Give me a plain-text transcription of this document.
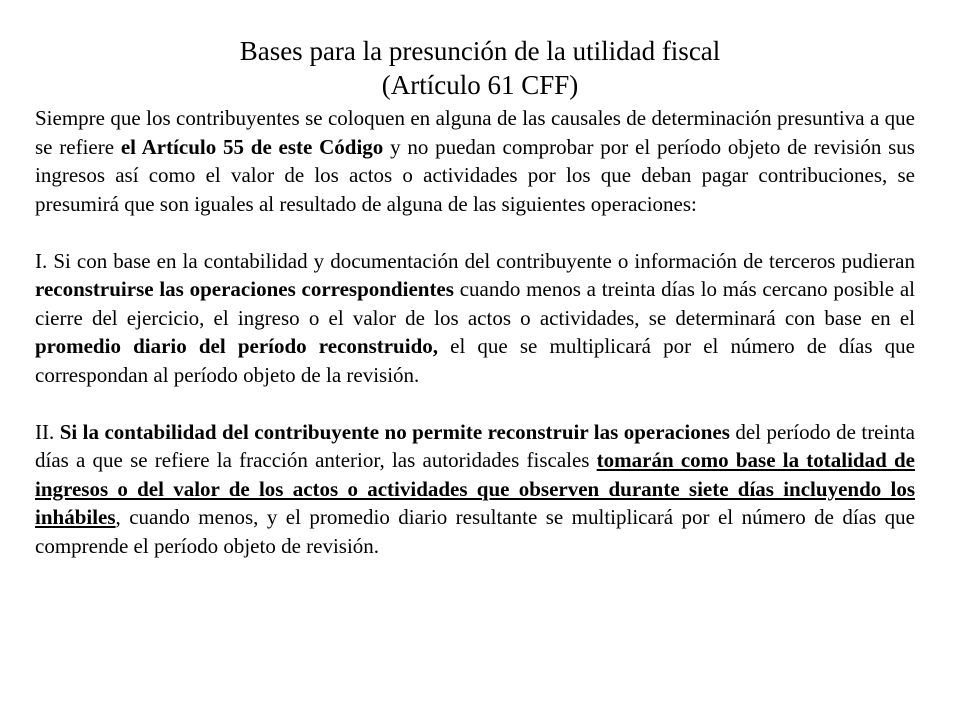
Bases para la presunción de la utilidad fiscal
(Artículo 61 CFF)

Siempre que los contribuyentes se coloquen en alguna de las causales de determinación presuntiva a que se refiere el Artículo 55 de este Código y no puedan comprobar por el período objeto de revisión sus ingresos así como el valor de los actos o actividades por los que deban pagar contribuciones, se presumirá que son iguales al resultado de alguna de las siguientes operaciones:

I. Si con base en la contabilidad y documentación del contribuyente o información de terceros pudieran reconstruirse las operaciones correspondientes cuando menos a treinta días lo más cercano posible al cierre del ejercicio, el ingreso o el valor de los actos o actividades, se determinará con base en el promedio diario del período reconstruido, el que se multiplicará por el número de días que correspondan al período objeto de la revisión.

II. Si la contabilidad del contribuyente no permite reconstruir las operaciones del período de treinta días a que se refiere la fracción anterior, las autoridades fiscales tomarán como base la totalidad de ingresos o del valor de los actos o actividades que observen durante siete días incluyendo los inhábiles, cuando menos, y el promedio diario resultante se multiplicará por el número de días que comprende el período objeto de revisión.
